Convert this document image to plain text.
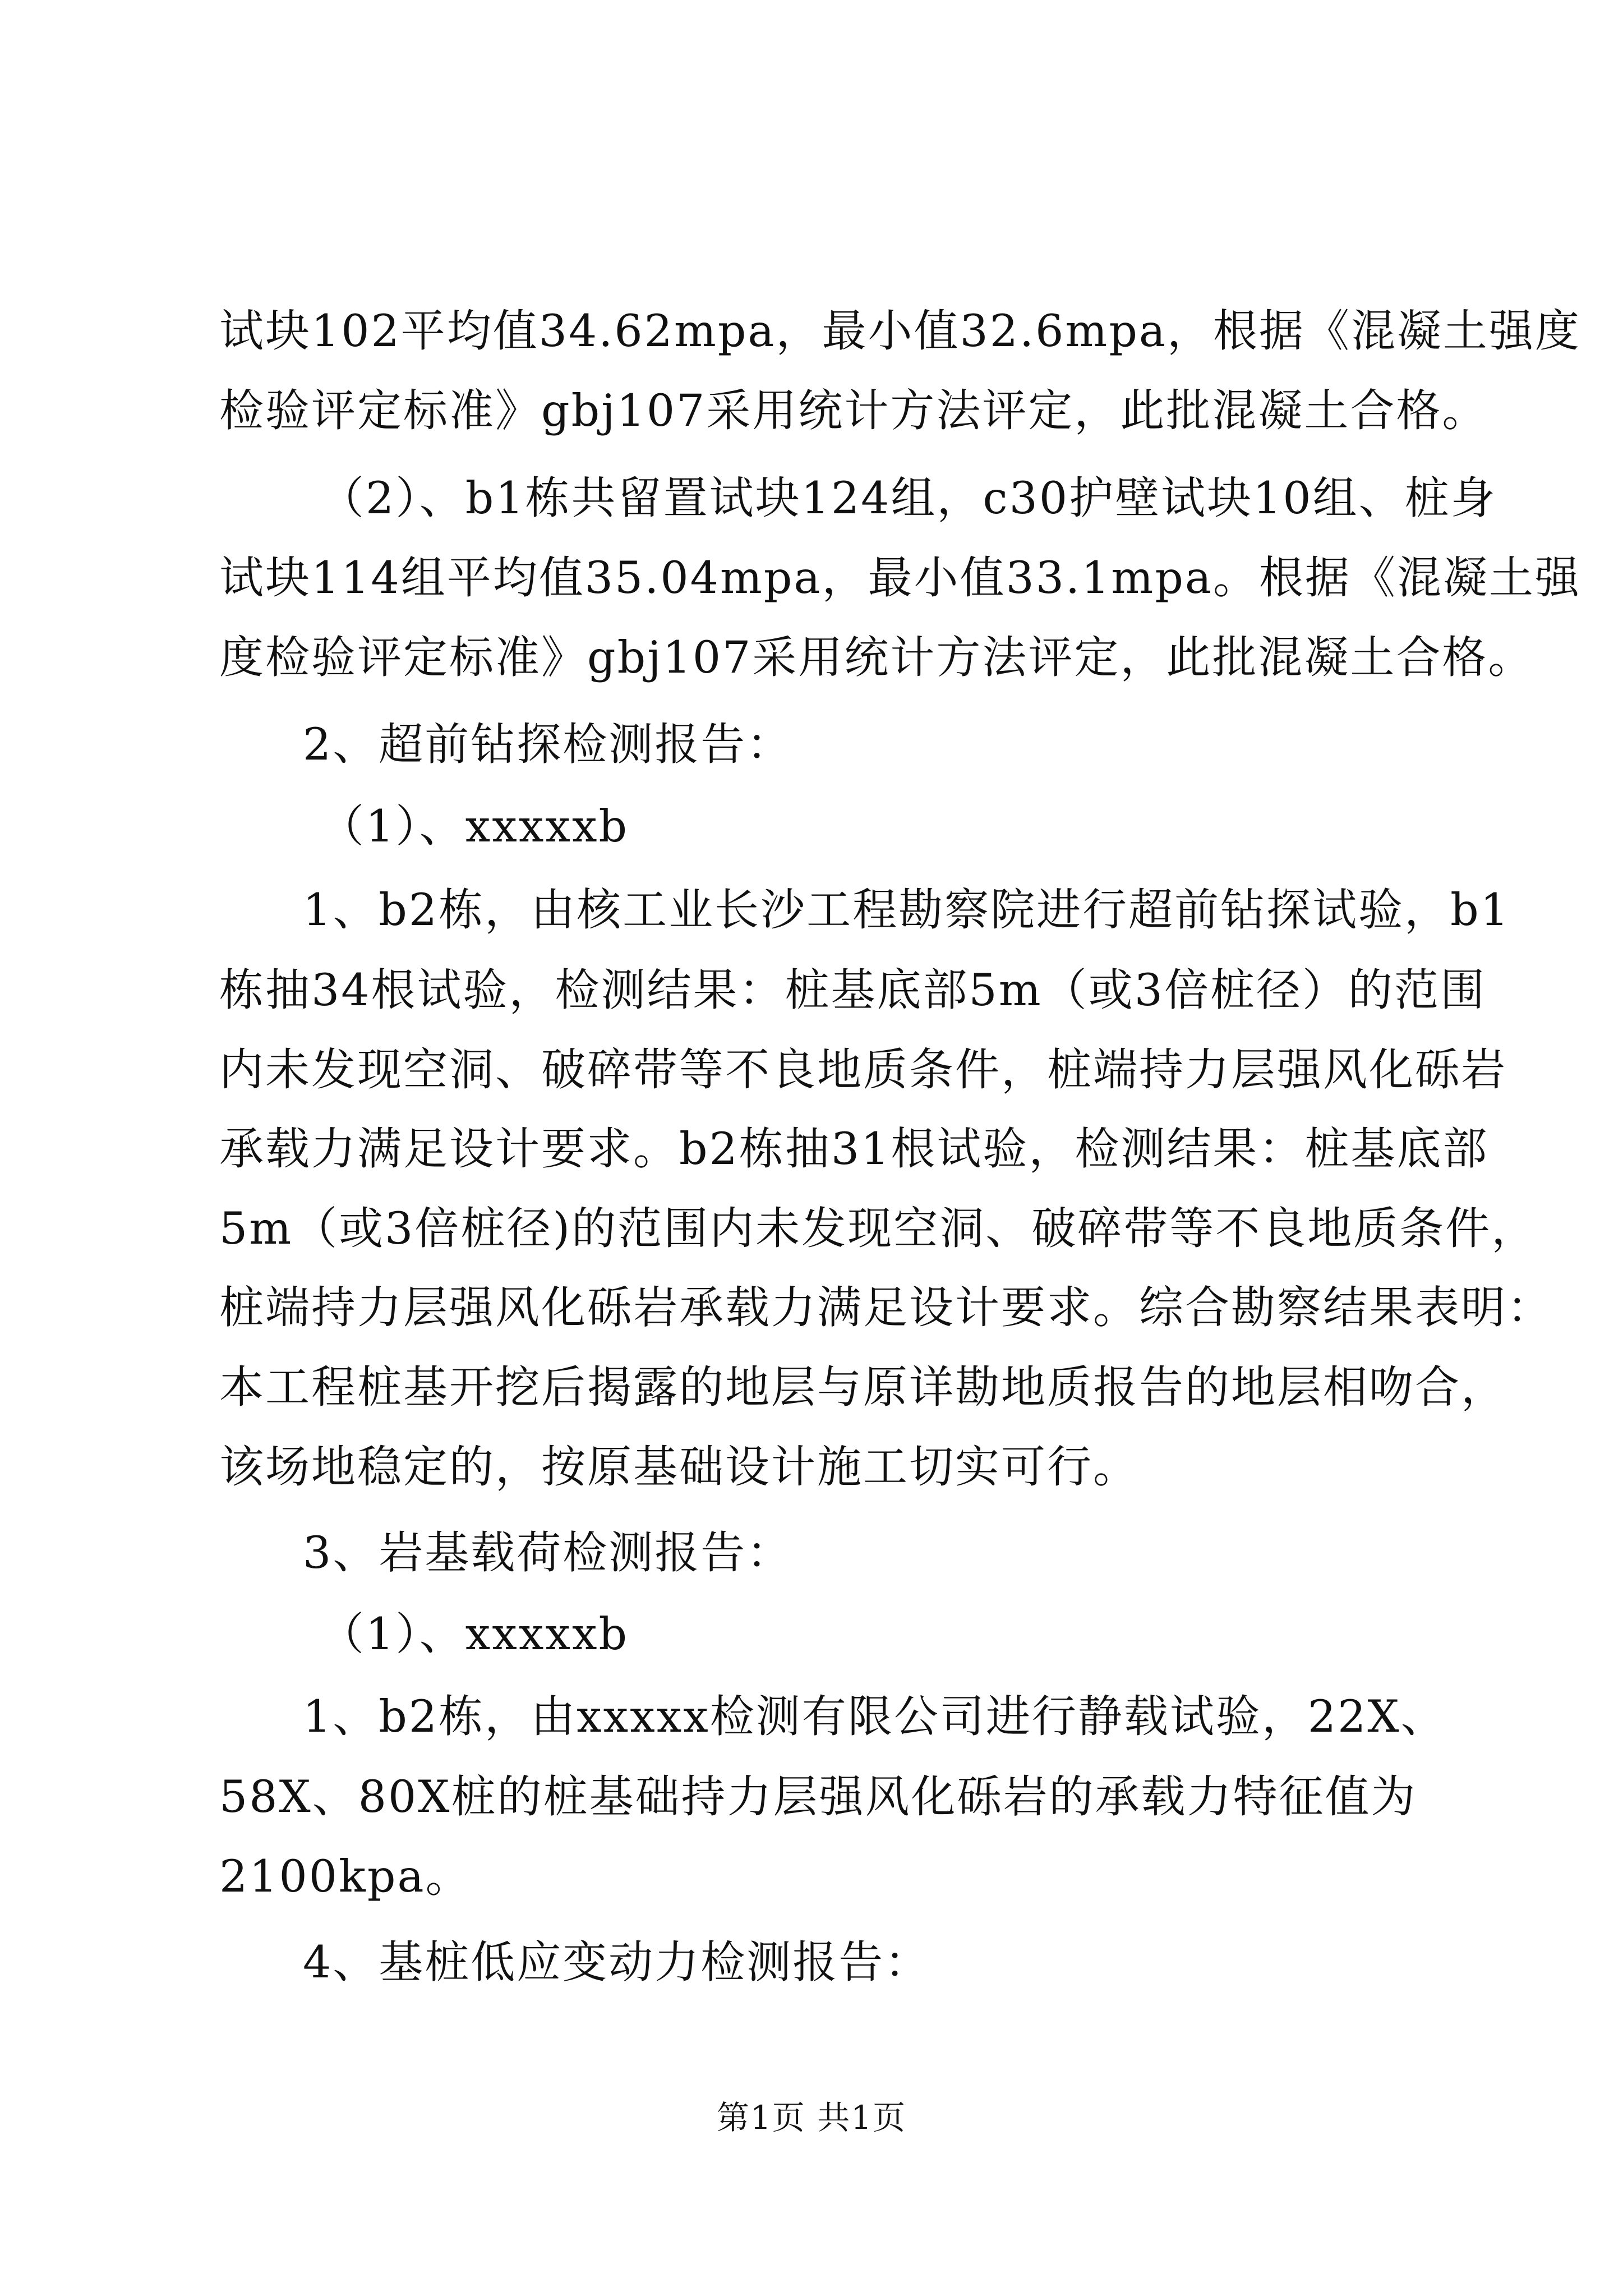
试块102平均值34.62mpa，最小值32.6mpa，根据《混凝土强度
检验评定标准》gbj107采用统计方法评定，此批混凝土合格。
（2）、b1栋共留置试块124组，c30护壁试块10组、桩身
试块114组平均值35.04mpa，最小值33.1mpa。根据《混凝土强
度检验评定标准》gbj107采用统计方法评定，此批混凝土合格。
2、超前钻探检测报告：
（1）、xxxxxb
1、b2栋，由核工业长沙工程勘察院进行超前钻探试验，b1
栋抽34根试验，检测结果：桩基底部5m（或3倍桩径）的范围
内未发现空洞、破碎带等不良地质条件，桩端持力层强风化砾岩
承载力满足设计要求。b2栋抽31根试验，检测结果：桩基底部
5m（或3倍桩径)的范围内未发现空洞、破碎带等不良地质条件，
桩端持力层强风化砾岩承载力满足设计要求。综合勘察结果表明：
本工程桩基开挖后揭露的地层与原详勘地质报告的地层相吻合，
该场地稳定的，按原基础设计施工切实可行。
3、岩基载荷检测报告：
（1）、xxxxxb
1、b2栋，由xxxxx检测有限公司进行静载试验，22X、
58X、80X桩的桩基础持力层强风化砾岩的承载力特征值为
2100kpa。
4、基桩低应变动力检测报告：
第1页 共1页
